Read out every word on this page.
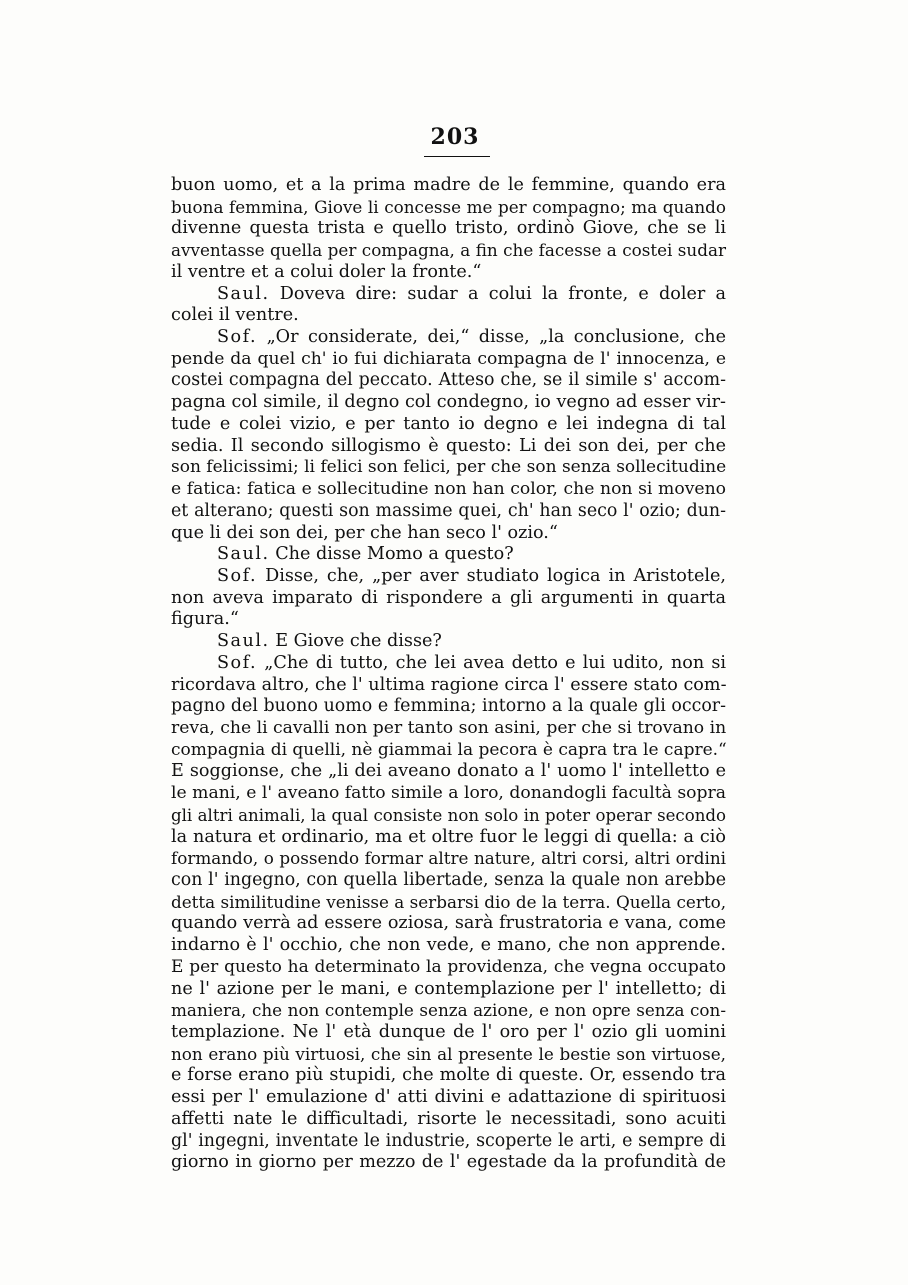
203
buon uomo, et a la prima madre de le femmine, quando era
buona femmina, Giove li concesse me per compagno; ma quando
divenne questa trista e quello tristo, ordinò Giove, che se li
avventasse quella per compagna, a fin che facesse a costei sudar
il ventre et a colui doler la fronte.“
Saul. Doveva dire: sudar a colui la fronte, e doler a
colei il ventre.
Sof. „Or considerate, dei,“ disse, „la conclusione, che
pende da quel ch' io fui dichiarata compagna de l' innocenza, e
costei compagna del peccato. Atteso che, se il simile s' accom-
pagna col simile, il degno col condegno, io vegno ad esser vir-
tude e colei vizio, e per tanto io degno e lei indegna di tal
sedia. Il secondo sillogismo è questo: Li dei son dei, per che
son felicissimi; li felici son felici, per che son senza sollecitudine
e fatica: fatica e sollecitudine non han color, che non si moveno
et alterano; questi son massime quei, ch' han seco l' ozio; dun-
que li dei son dei, per che han seco l' ozio.“
Saul. Che disse Momo a questo?
Sof. Disse, che, „per aver studiato logica in Aristotele,
non aveva imparato di rispondere a gli argumenti in quarta
figura.“
Saul. E Giove che disse?
Sof. „Che di tutto, che lei avea detto e lui udito, non si
ricordava altro, che l' ultima ragione circa l' essere stato com-
pagno del buono uomo e femmina; intorno a la quale gli occor-
reva, che li cavalli non per tanto son asini, per che si trovano in
compagnia di quelli, nè giammai la pecora è capra tra le capre.“
E soggionse, che „li dei aveano donato a l' uomo l' intelletto e
le mani, e l' aveano fatto simile a loro, donandogli facultà sopra
gli altri animali, la qual consiste non solo in poter operar secondo
la natura et ordinario, ma et oltre fuor le leggi di quella: a ciò
formando, o possendo formar altre nature, altri corsi, altri ordini
con l' ingegno, con quella libertade, senza la quale non arebbe
detta similitudine venisse a serbarsi dio de la terra. Quella certo,
quando verrà ad essere oziosa, sarà frustratoria e vana, come
indarno è l' occhio, che non vede, e mano, che non apprende.
E per questo ha determinato la providenza, che vegna occupato
ne l' azione per le mani, e contemplazione per l' intelletto; di
maniera, che non contemple senza azione, e non opre senza con-
templazione. Ne l' età dunque de l' oro per l' ozio gli uomini
non erano più virtuosi, che sin al presente le bestie son virtuose,
e forse erano più stupidi, che molte di queste. Or, essendo tra
essi per l' emulazione d' atti divini e adattazione di spirituosi
affetti nate le difficultadi, risorte le necessitadi, sono acuiti
gl' ingegni, inventate le industrie, scoperte le arti, e sempre di
giorno in giorno per mezzo de l' egestade da la profundità de
